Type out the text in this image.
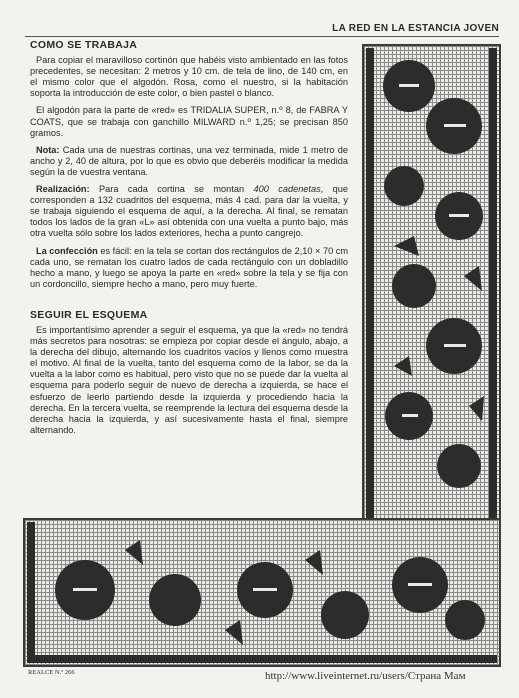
LA RED EN LA ESTANCIA JOVEN
COMO SE TRABAJA

Para copiar el maravilloso cortinón que habéis visto ambientado en las fotos precedentes, se necesitan: 2 metros y 10 cm. de tela de lino, de 140 cm, en el mismo color que el algodón. Rosa, como el nuestro, si la habitación soporta la introducción de este color, o bien pastel o blanco.

El algodón para la parte de «red» es TRIDALIA SUPER, n.º 8, de FABRA Y COATS, que se trabaja con ganchillo MILWARD n.º 1,25; se precisan 850 gramos.

Nota: Cada una de nuestras cortinas, una vez terminada, mide 1 metro de ancho y 2, 40 de altura, por lo que es obvio que deberéis modificar la medida según la de vuestra ventana.

Realización: Para cada cortina se montan 400 cadenetas, que corresponden a 132 cuadritos del esquema, más 4 cad. para dar la vuelta, y se trabaja siguiendo el esquema de aquí, a la derecha. Al final, se rematan todos los lados de la gran «L» así obtenida con una vuelta a punto bajo, más otra vuelta sólo sobre los lados exteriores, hecha a punto cangrejo.

La confección es fácil: en la tela se cortan dos rectángulos de 2,10 × 70 cm cada uno, se rematan los cuatro lados de cada rectángulo con un dobladillo hecho a mano, y luego se apoya la parte en «red» sobre la tela y se fija con un cordoncillo, siempre hecho a mano, pero muy fuerte.

SEGUIR EL ESQUEMA

Es importantísimo aprender a seguir el esquema, ya que la «red» no tendrá más secretos para nosotras: se empieza por copiar desde el ángulo, abajo, a la derecha del dibujo, alternando los cuadritos vacíos y llenos como muestra el motivo. Al final de la vuelta, tanto del esquema como de la labor, se da la vuelta a la labor como es habitual, pero visto que no se puede dar la vuelta al esquema para poderlo seguir de nuevo de derecha a izquierda, se hace el esfuerzo de leerlo partiendo desde la izquierda y procediendo hacia la derecha. En la tercera vuelta, se reemprende la lectura del esquema desde la derecha hacia la izquierda, y así sucesivamente hasta el final, siempre alternando.

REALCE N.º 266	http://www.liveinternet.ru/users/Страна Мам
